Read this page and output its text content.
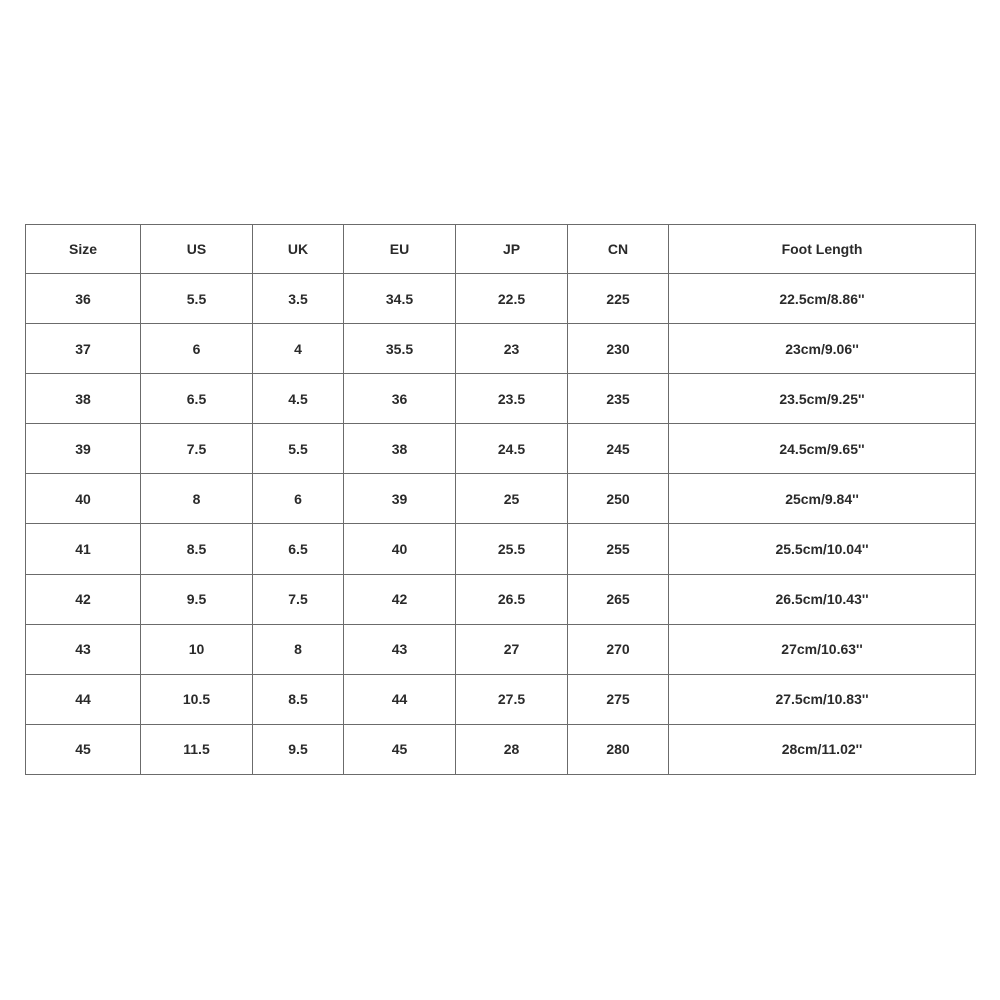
Size	US	UK	EU	JP	CN	Foot Length
36	5.5	3.5	34.5	22.5	225	22.5cm/8.86''
37	6	4	35.5	23	230	23cm/9.06''
38	6.5	4.5	36	23.5	235	23.5cm/9.25''
39	7.5	5.5	38	24.5	245	24.5cm/9.65''
40	8	6	39	25	250	25cm/9.84''
41	8.5	6.5	40	25.5	255	25.5cm/10.04''
42	9.5	7.5	42	26.5	265	26.5cm/10.43''
43	10	8	43	27	270	27cm/10.63''
44	10.5	8.5	44	27.5	275	27.5cm/10.83''
45	11.5	9.5	45	28	280	28cm/11.02''
